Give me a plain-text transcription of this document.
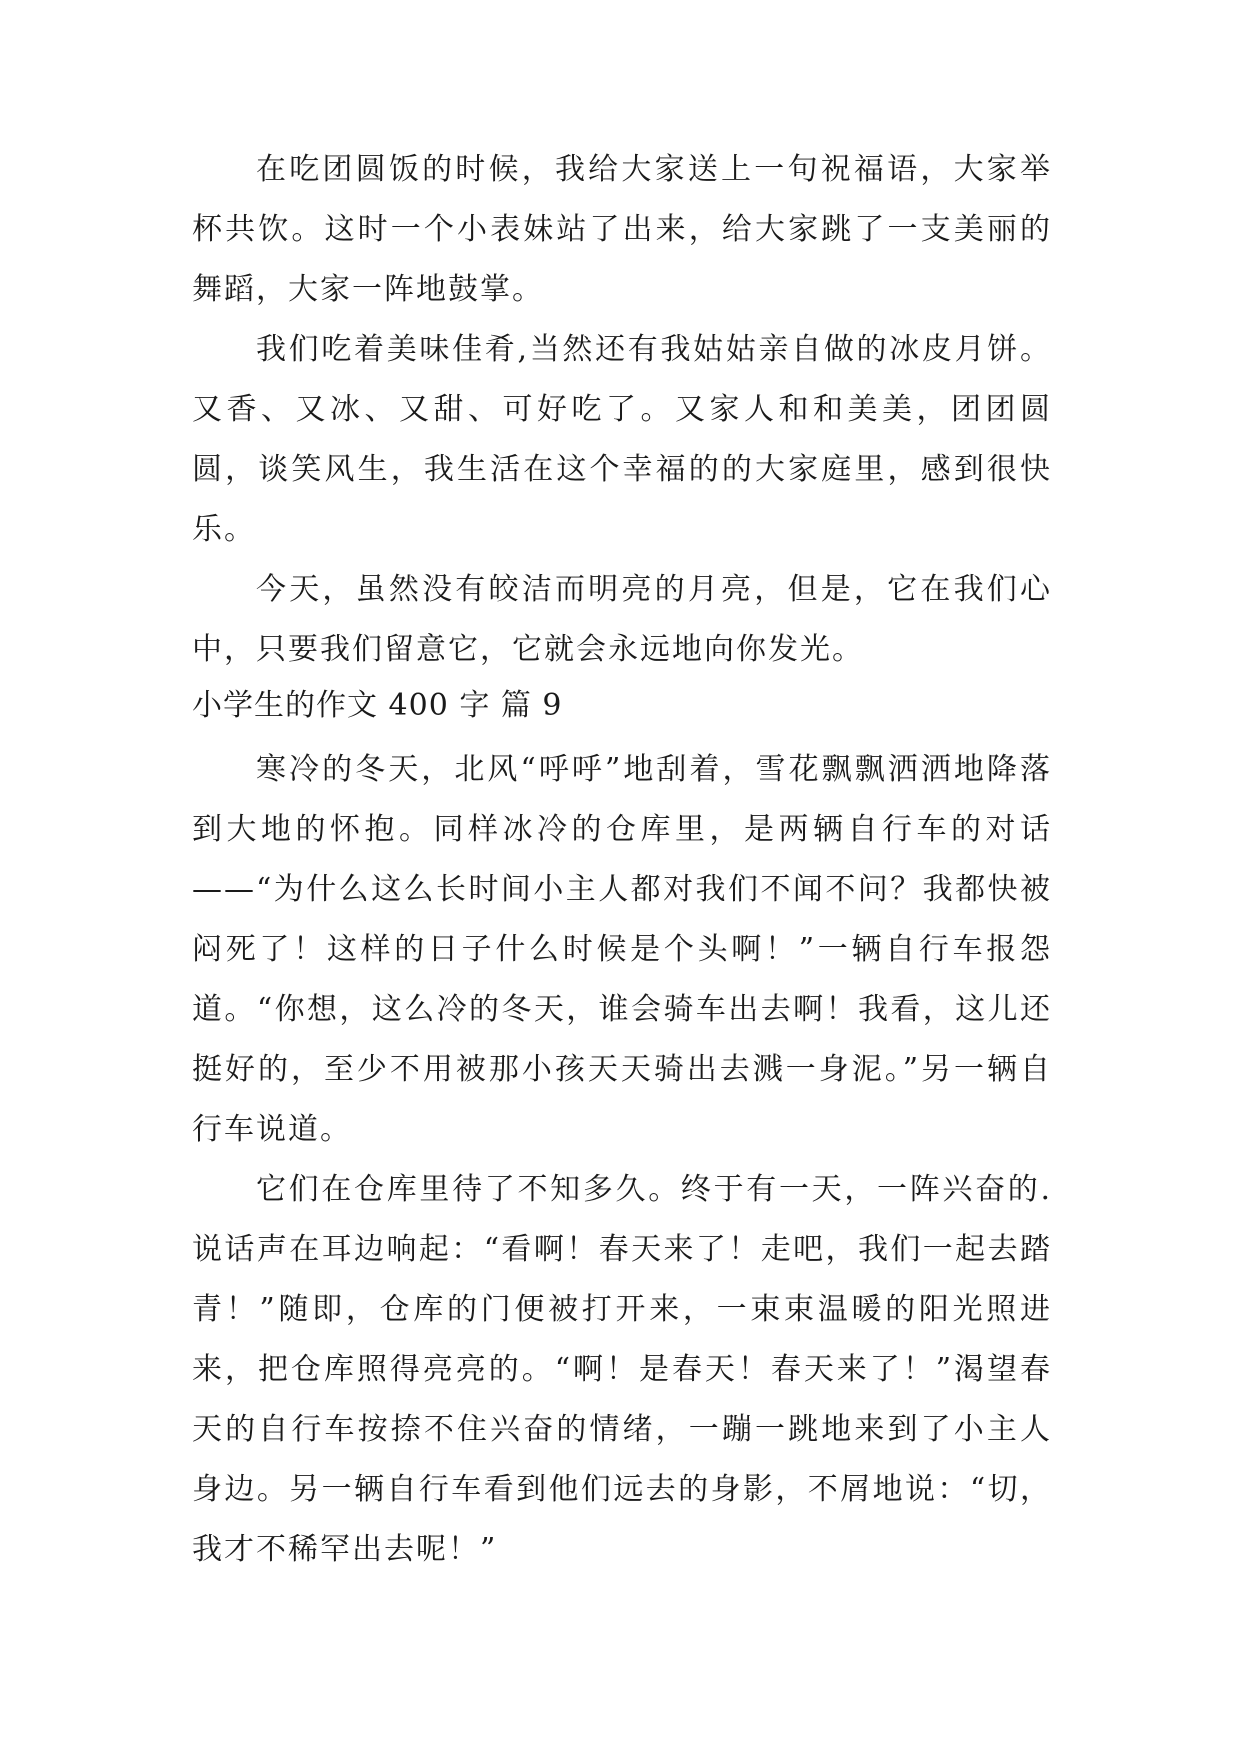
在吃团圆饭的时候，我给大家送上一句祝福语，大家举杯共饮。这时一个小表妹站了出来，给大家跳了一支美丽的舞蹈，大家一阵地鼓掌。

我们吃着美味佳肴,当然还有我姑姑亲自做的冰皮月饼。又香、又冰、又甜、可好吃了。又家人和和美美，团团圆圆，谈笑风生，我生活在这个幸福的的大家庭里，感到很快乐。

今天，虽然没有皎洁而明亮的月亮，但是，它在我们心中，只要我们留意它，它就会永远地向你发光。

小学生的作文 400 字 篇 9

寒冷的冬天，北风“呼呼”地刮着，雪花飘飘洒洒地降落到大地的怀抱。同样冰冷的仓库里，是两辆自行车的对话——“为什么这么长时间小主人都对我们不闻不问？我都快被闷死了！这样的日子什么时候是个头啊！”一辆自行车报怨道。“你想，这么冷的冬天，谁会骑车出去啊！我看，这儿还挺好的，至少不用被那小孩天天骑出去溅一身泥。”另一辆自行车说道。

它们在仓库里待了不知多久。终于有一天，一阵兴奋的.说话声在耳边响起：“看啊！春天来了！走吧，我们一起去踏青！”随即，仓库的门便被打开来，一束束温暖的阳光照进来，把仓库照得亮亮的。“啊！是春天！春天来了！”渴望春天的自行车按捺不住兴奋的情绪，一蹦一跳地来到了小主人身边。另一辆自行车看到他们远去的身影，不屑地说：“切，我才不稀罕出去呢！”
